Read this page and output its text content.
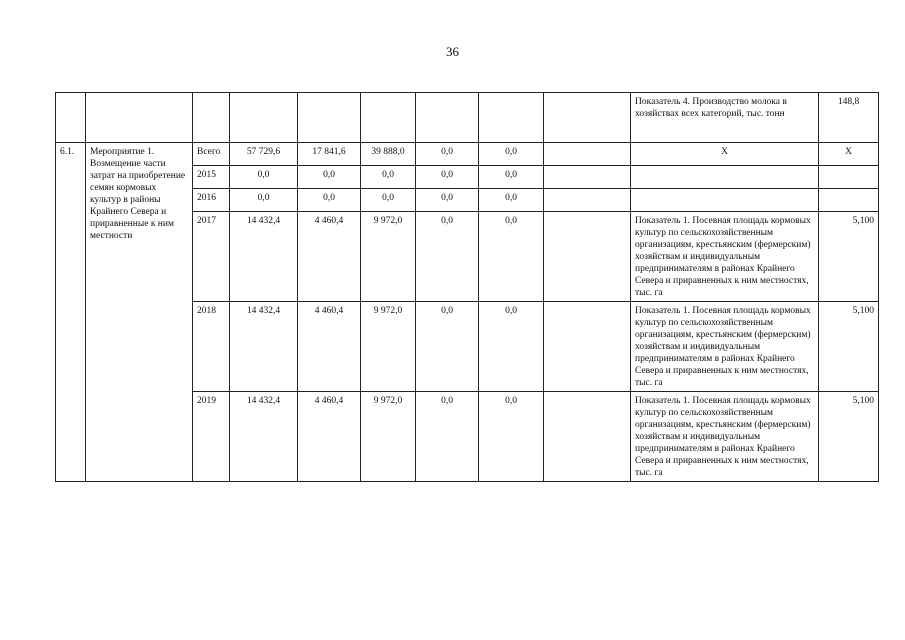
36
									Показатель 4. Производство молока в хозяйствах всех категорий, тыс. тонн	148,8
6.1.	Мероприятие 1. Возмещение части затрат на приобретение семян кормовых культур в районы Крайнего Севера и приравненные к ним местности	Всего	57 729,6	17 841,6	39 888,0	0,0	0,0		Х	Х
		2015	0,0	0,0	0,0	0,0	0,0			
		2016	0,0	0,0	0,0	0,0	0,0			
		2017	14 432,4	4 460,4	9 972,0	0,0	0,0		Показатель 1. Посевная площадь кормовых культур по сельскохозяйственным организациям, крестьянским (фермерским) хозяйствам и индивидуальным предпринимателям в районах Крайнего Севера и приравненных к ним местностях, тыс. га	5,100
		2018	14 432,4	4 460,4	9 972,0	0,0	0,0		Показатель 1. Посевная площадь кормовых культур по сельскохозяйственным организациям, крестьянским (фермерским) хозяйствам и индивидуальным предпринимателям в районах Крайнего Севера и приравненных к ним местностях, тыс. га	5,100
		2019	14 432,4	4 460,4	9 972,0	0,0	0,0		Показатель 1. Посевная площадь кормовых культур по сельскохозяйственным организациям, крестьянским (фермерским) хозяйствам и индивидуальным предпринимателям в районах Крайнего Севера и приравненных к ним местностях, тыс. га	5,100
